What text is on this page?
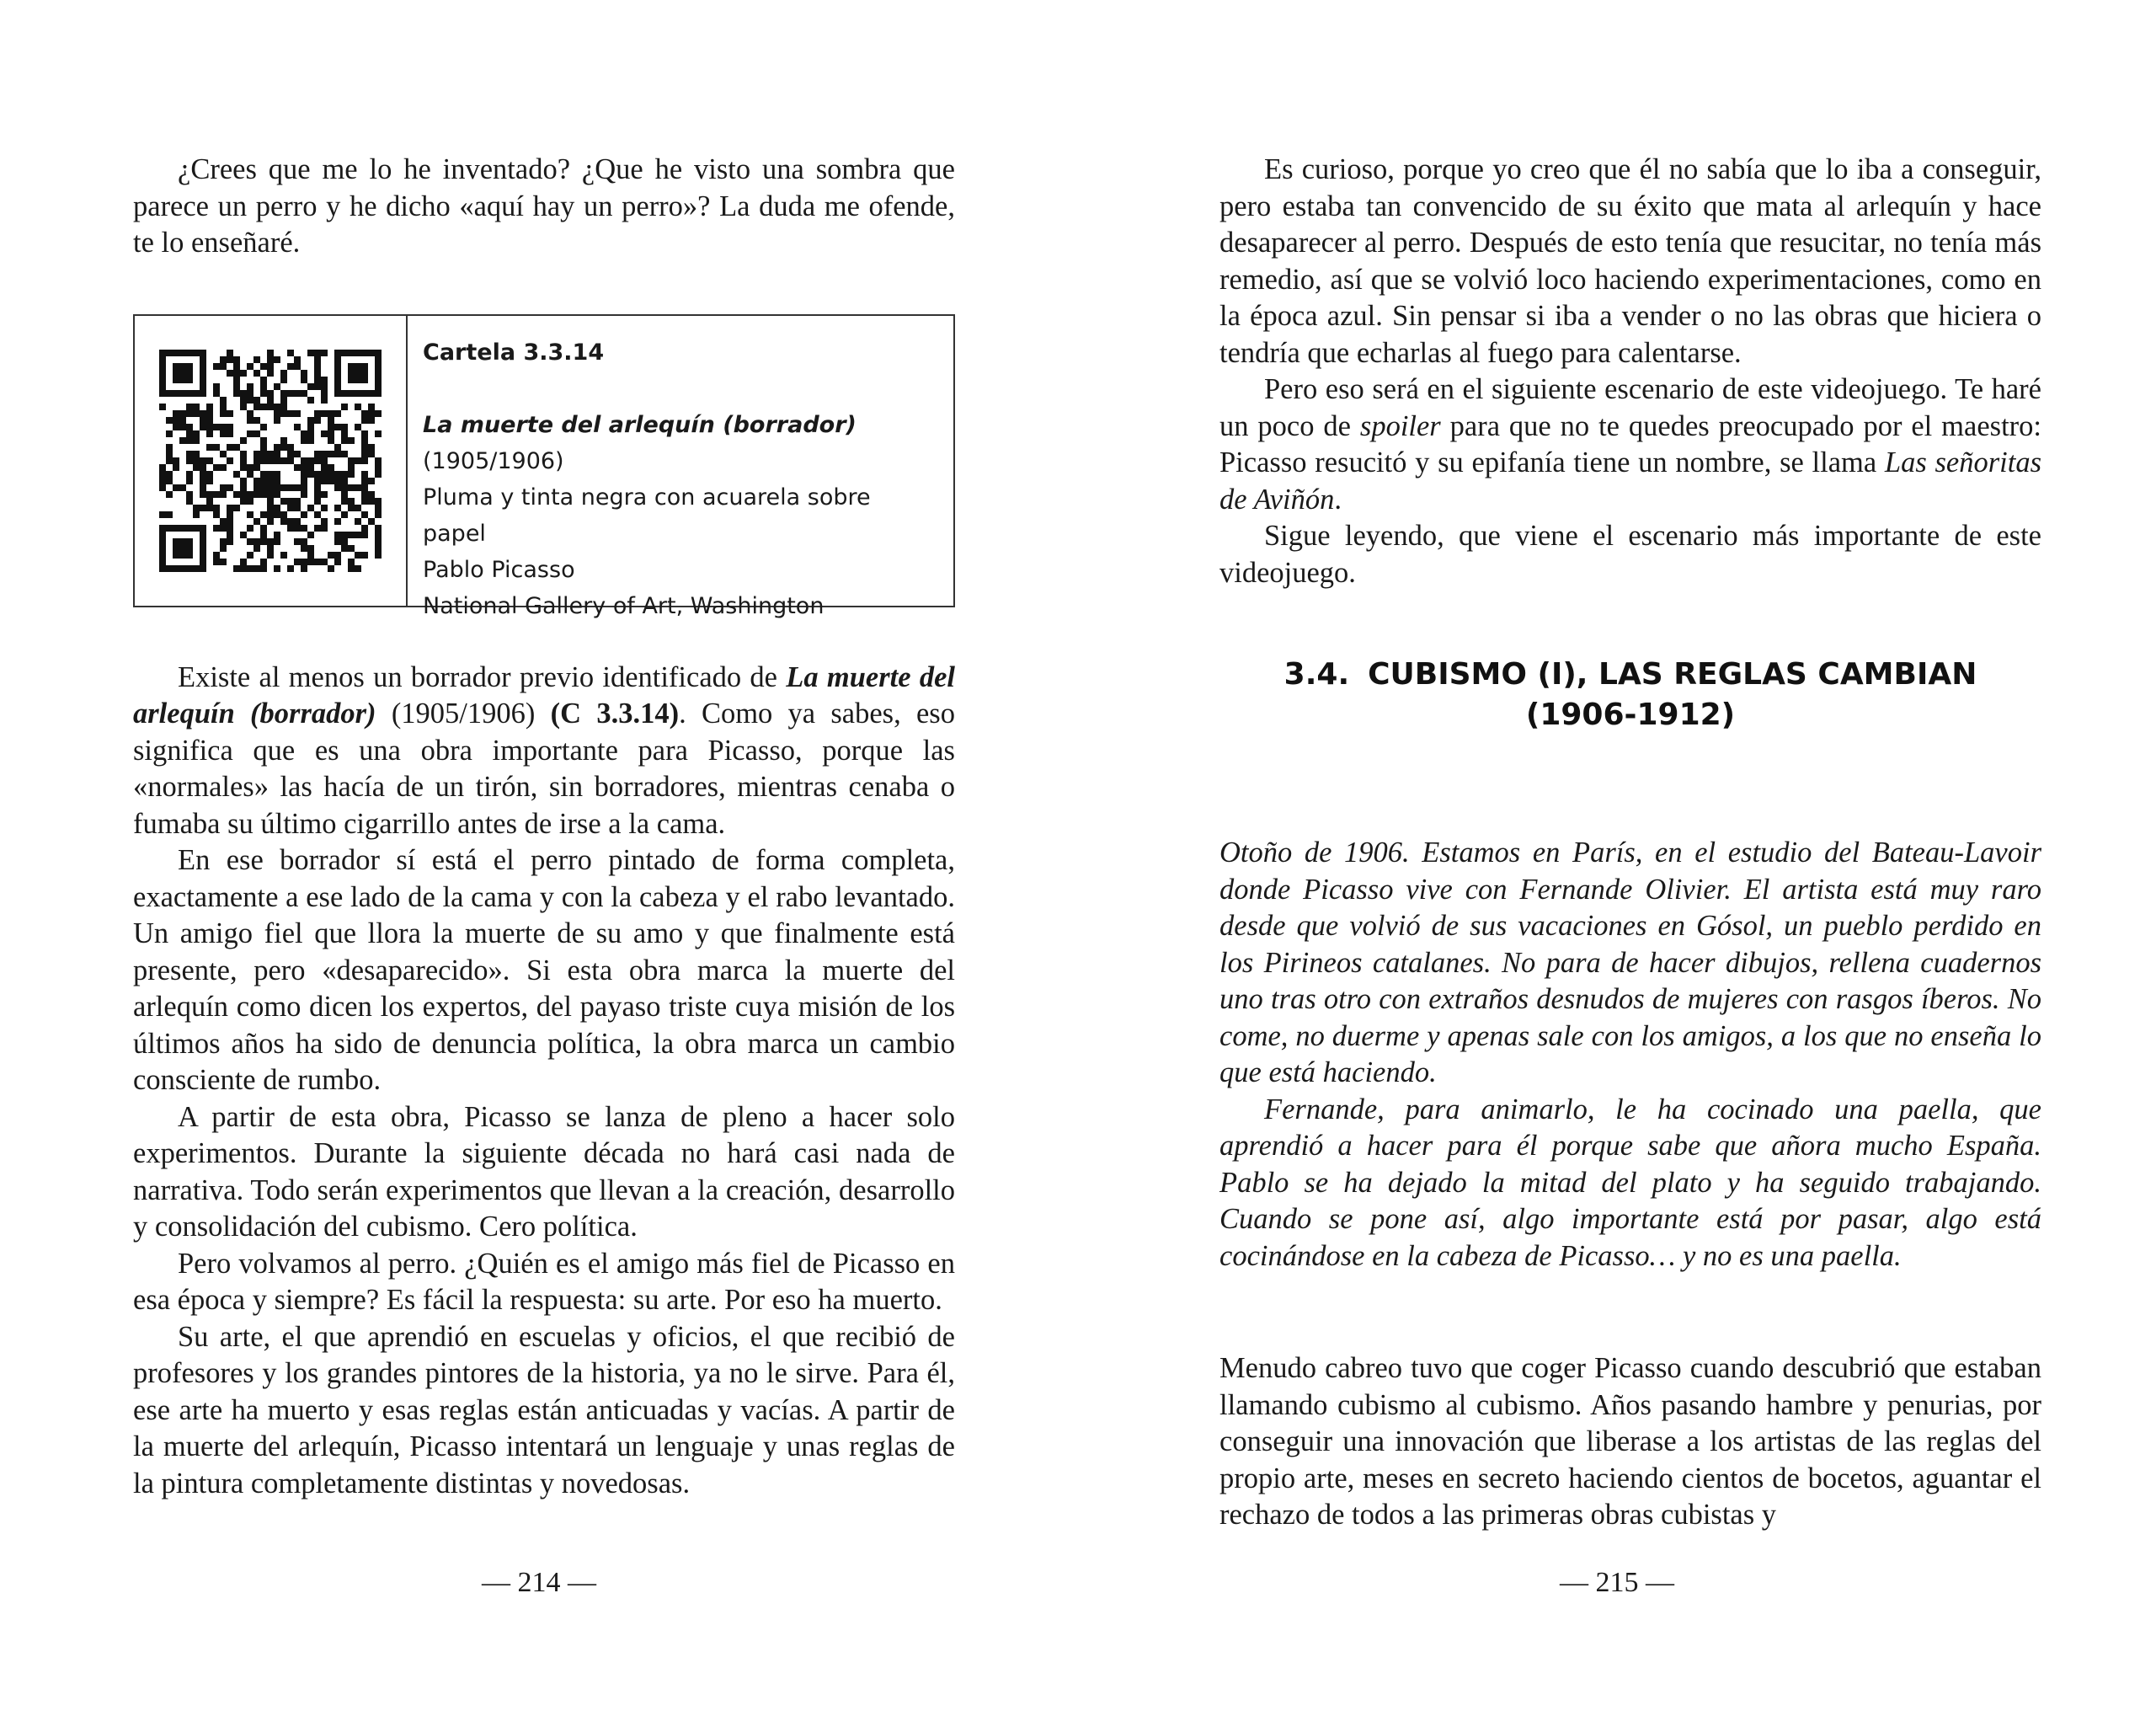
¿Crees que me lo he inventado? ¿Que he visto una sombra que parece un perro y he dicho «aquí hay un perro»? La duda me ofende, te lo enseñaré.

Cartela 3.3.14
La muerte del arlequín (borrador)
(1905/1906)
Pluma y tinta negra con acuarela sobre papel
Pablo Picasso
National Gallery of Art, Washington

Existe al menos un borrador previo identificado de La muerte del arlequín (borrador) (1905/1906) (C 3.3.14). Como ya sabes, eso significa que es una obra importante para Picasso, porque las «normales» las hacía de un tirón, sin borradores, mientras cenaba o fumaba su último cigarrillo antes de irse a la cama.

En ese borrador sí está el perro pintado de forma completa, exactamente a ese lado de la cama y con la cabeza y el rabo levantado. Un amigo fiel que llora la muerte de su amo y que finalmente está presente, pero «desaparecido». Si esta obra marca la muerte del arlequín como dicen los expertos, del payaso triste cuya misión de los últimos años ha sido de denuncia política, la obra marca un cambio consciente de rumbo.

A partir de esta obra, Picasso se lanza de pleno a hacer solo experimentos. Durante la siguiente década no hará casi nada de narrativa. Todo serán experimentos que llevan a la creación, desarrollo y consolidación del cubismo. Cero política.

Pero volvamos al perro. ¿Quién es el amigo más fiel de Picasso en esa época y siempre? Es fácil la respuesta: su arte. Por eso ha muerto.

Su arte, el que aprendió en escuelas y oficios, el que recibió de profesores y los grandes pintores de la historia, ya no le sirve. Para él, ese arte ha muerto y esas reglas están anticuadas y vacías. A partir de la muerte del arlequín, Picasso intentará un lenguaje y unas reglas de la pintura completamente distintas y novedosas.

— 214 —

Es curioso, porque yo creo que él no sabía que lo iba a conseguir, pero estaba tan convencido de su éxito que mata al arlequín y hace desaparecer al perro. Después de esto tenía que resucitar, no tenía más remedio, así que se volvió loco haciendo experimentaciones, como en la época azul. Sin pensar si iba a vender o no las obras que hiciera o tendría que echarlas al fuego para calentarse.

Pero eso será en el siguiente escenario de este videojuego. Te haré un poco de spoiler para que no te quedes preocupado por el maestro: Picasso resucitó y su epifanía tiene un nombre, se llama Las señoritas de Aviñón.

Sigue leyendo, que viene el escenario más importante de este videojuego.

3.4. CUBISMO (I), LAS REGLAS CAMBIAN
(1906-1912)

Otoño de 1906. Estamos en París, en el estudio del Bateau-Lavoir donde Picasso vive con Fernande Olivier. El artista está muy raro desde que volvió de sus vacaciones en Gósol, un pueblo perdido en los Pirineos catalanes. No para de hacer dibujos, rellena cuadernos uno tras otro con extraños desnudos de mujeres con rasgos íberos. No come, no duerme y apenas sale con los amigos, a los que no enseña lo que está haciendo.

Fernande, para animarlo, le ha cocinado una paella, que aprendió a hacer para él porque sabe que añora mucho España. Pablo se ha dejado la mitad del plato y ha seguido trabajando. Cuando se pone así, algo importante está por pasar, algo está cocinándose en la cabeza de Picasso… y no es una paella.

Menudo cabreo tuvo que coger Picasso cuando descubrió que estaban llamando cubismo al cubismo. Años pasando hambre y penurias, por conseguir una innovación que liberase a los artistas de las reglas del propio arte, meses en secreto haciendo cientos de bocetos, aguantar el rechazo de todos a las primeras obras cubistas y

— 215 —
